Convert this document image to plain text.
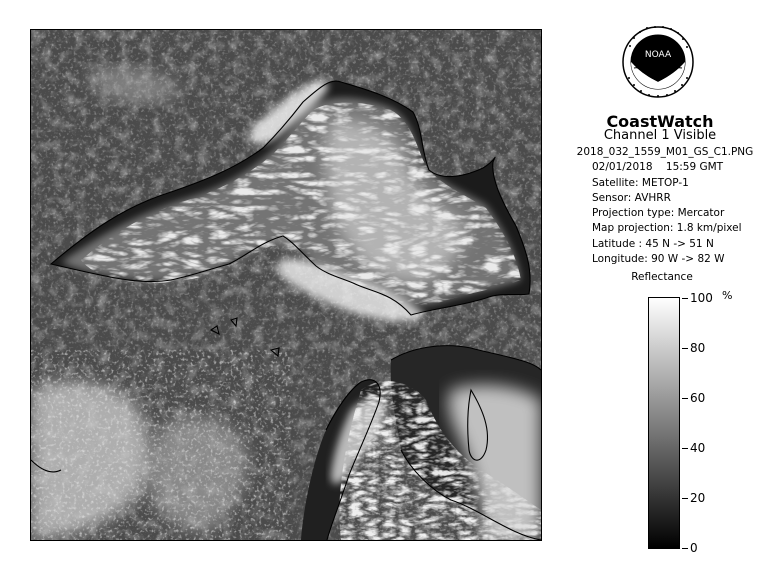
NOAA
CoastWatch
Channel 1 Visible
2018_032_1559_M01_GS_C1.PNG
02/01/2018 15:59 GMT
Satellite: METOP-1
Sensor: AVHRR
Projection type: Mercator
Map projection: 1.8 km/pixel
Latitude : 45 N -> 51 N
Longitude: 90 W -> 82 W
Reflectance
%
100
80
60
40
20
0
